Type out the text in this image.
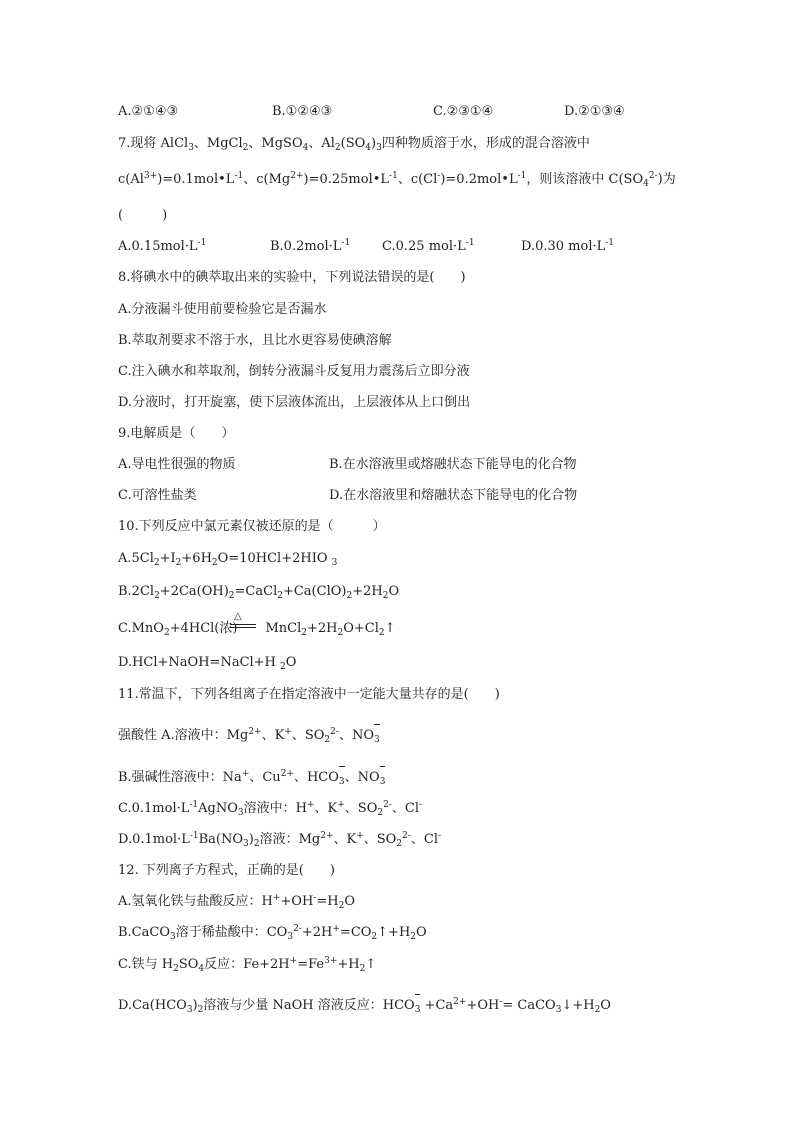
A.②①④③	B.①②④③	C.②③①④	D.②①③④
7.现将 AlCl$_3$、MgCl$_2$、MgSO$_4$、$Al_2(SO_4)_3$四种物质溶于水，形成的混合溶液中
$c(Al^{3+})=0.1mol•L^{-1}$、$c(Mg^{2+})=0.25mol•L^{-1}$、$c(Cl^-)=0.2mol•L^{-1}$，则该溶液中 $C(SO_4^{2-})$为
(　　　)
$A.0.15mol\cdot L^{-1}$	$B.0.2mol\cdot L^{-1}$ C.0.25 $mol\cdot L^{-1}$	D.0.30 $mol\cdot L^{-1}$
8.将碘水中的碘萃取出来的实验中，下列说法错误的是(　　)
A.分液漏斗使用前要检验它是否漏水
B.萃取剂要求不溶于水，且比水更容易使碘溶解
C.注入碘水和萃取剂，倒转分液漏斗反复用力震荡后立即分液
D.分液时，打开旋塞，使下层液体流出，上层液体从上口倒出
9.电解质是（　　）
A.导电性很强的物质	B.在水溶液里或熔融状态下能导电的化合物
C.可溶性盐类	D.在水溶液里和熔融状态下能导电的化合物
10.下列反应中氯元素仅被还原的是（　　　）
$A.5Cl_2+I_2+6H_2O=10HCl+2HIO$ $_3$
$B.2Cl_2+2Ca(OH)_2=CaCl_2+Ca(ClO)_2+2H_2O$
△
C.MnO$_2$+4HCl(浓) $MnCl_2+2H_2O+Cl_2↑$
D.HCl+NaOH=NaCl+H $_2$O
11.常温下，下列各组离子在指定溶液中一定能大量共存的是(　　)
强酸性 A.溶液中：$Mg^{2+}$、K+、$SO_2^{2-}$、NO3
B.强碱性溶液中：Na+、$Cu^{2+}$、HCO3、NO3
$C.0.1mol\cdot L^{-1}AgNO_3$溶液中：H+、K+、$SO_2^{2-}$、Cl-
$D.0.1mol\cdot L^{-1}Ba(NO_3)_2$溶液：$Mg^{2+}$、K+、$SO_2^{2-}$、Cl-
12. 下列离子方程式，正确的是(　　)
A.氢氧化铁与盐酸反应：$H^++OH^-=H_2O$
B.CaCO$_3$溶于稀盐酸中：$CO_3^{2-}+2H^+=CO_2↑+H_2O$
C.铁与 $H_2SO_4$反应：$Fe+2H^+=Fe^{3+}+H_2↑$
$D.Ca(HCO_3)_2$溶液与少量 NaOH 溶液反应：$HCO3 +Ca^{2+}+OH^-=$ $CaCO_3↓+H_2O$
